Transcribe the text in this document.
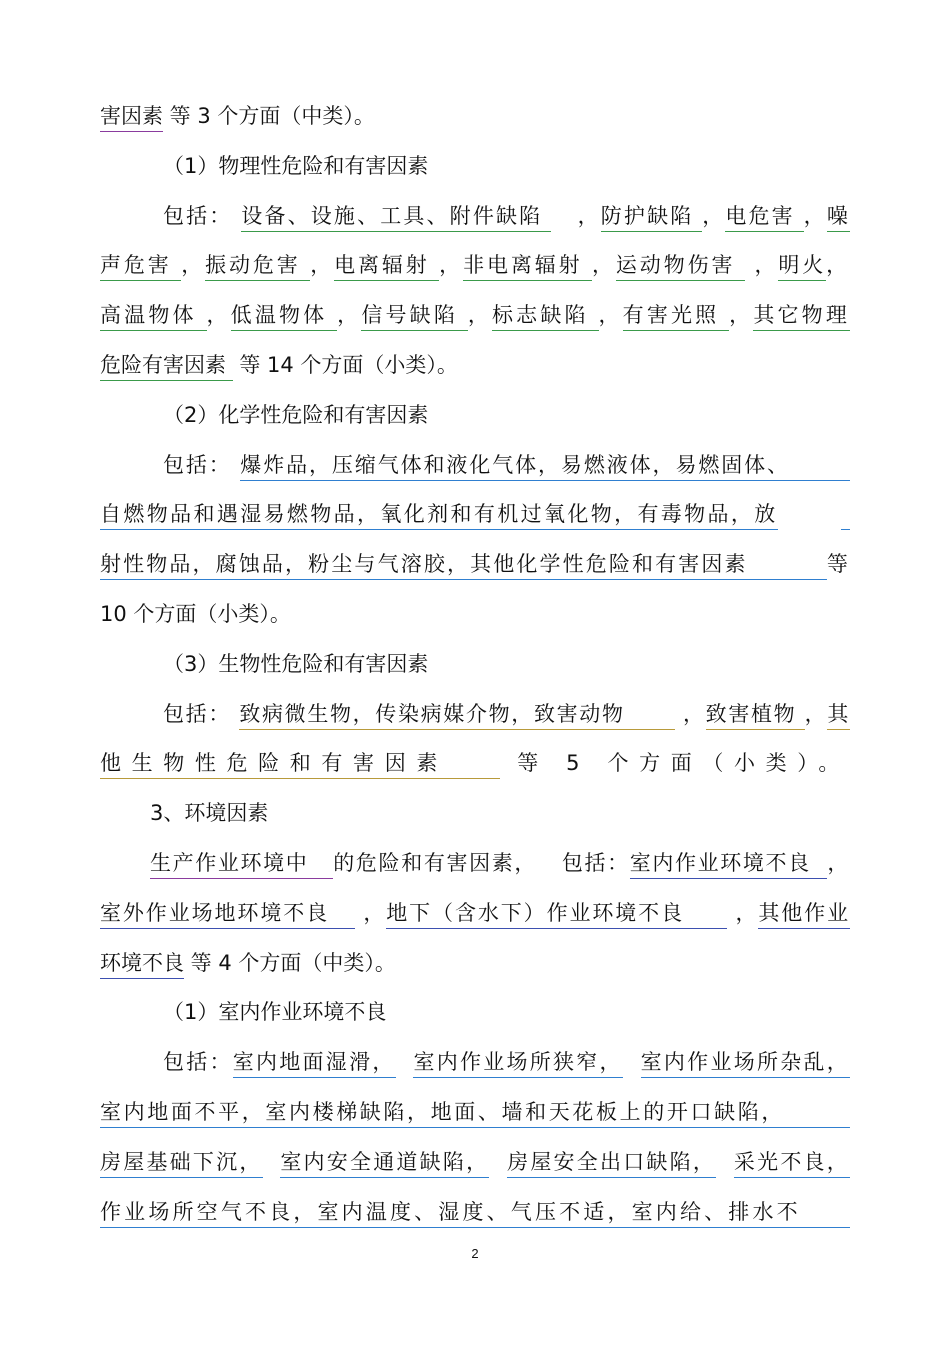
害因素 等 3 个方面（中类）。
（1）物理性危险和有害因素
包括： 设备、设施、工具、附件缺陷    ，防护缺陷 ，电危害 ，噪
声危害 ，振动危害 ，电离辐射 ，非电离辐射 ，运动物伤害  ，明火，
高温物体 ，低温物体 ，信号缺陷 ，标志缺陷 ，有害光照 ，其它物理
危险有害因素  等 14 个方面（小类）。
（2）化学性危险和有害因素
包括： 爆炸品，压缩气体和液化气体，易燃液体，易燃固体、
自燃物品和遇湿易燃物品，氧化剂和有机过氧化物，有毒物品，放
射性物品，腐蚀品，粉尘与气溶胶，其他化学性危险和有害因素         等
10 个方面（小类）。
（3）生物性危险和有害因素
包括： 致病微生物，传染病媒介物，致害动物       ，致害植物 ，其
他生物性危险和有害因素    等 5 个方面（小类）。
3、环境因素
生产作业环境中   的危险和有害因素，   包括：室内作业环境不良  ，
室外作业场地环境不良    ，地下（含水下）作业环境不良      ，其他作业
环境不良 等 4 个方面（中类）。
（1）室内作业环境不良
包括：室内地面湿滑， 室内作业场所狭窄， 室内作业场所杂乱，
室内地面不平，室内楼梯缺陷，地面、墙和天花板上的开口缺陷，
房屋基础下沉， 室内安全通道缺陷， 房屋安全出口缺陷， 采光不良，
作业场所空气不良，室内温度、湿度、气压不适，室内给、排水不
2
